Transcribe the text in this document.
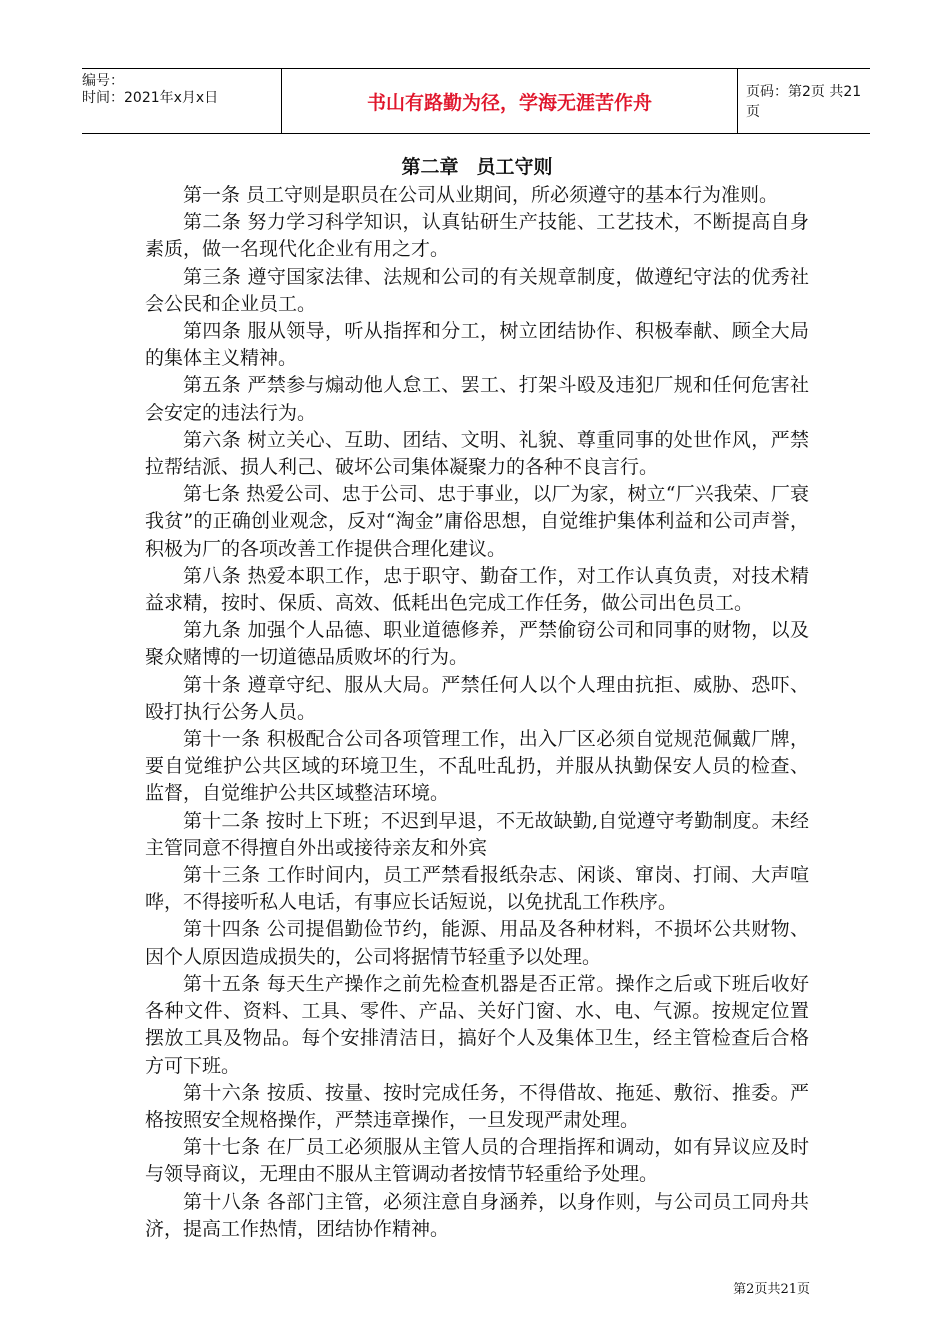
编号：
时间：2021年x月x日	书山有路勤为径，学海无涯苦作舟	页码：第2页 共21页
第二章 员工守则

第一条 员工守则是职员在公司从业期间，所必须遵守的基本行为准则。

第二条 努力学习科学知识，认真钻研生产技能、工艺技术，不断提高自身素质，做一名现代化企业有用之才。

第三条 遵守国家法律、法规和公司的有关规章制度，做遵纪守法的优秀社会公民和企业员工。

第四条 服从领导，听从指挥和分工，树立团结协作、积极奉献、顾全大局的集体主义精神。

第五条 严禁参与煽动他人怠工、罢工、打架斗殴及违犯厂规和任何危害社会安定的违法行为。

第六条 树立关心、互助、团结、文明、礼貌、尊重同事的处世作风，严禁拉帮结派、损人利己、破坏公司集体凝聚力的各种不良言行。

第七条 热爱公司、忠于公司、忠于事业，以厂为家，树立“厂兴我荣、厂衰我贫”的正确创业观念，反对“淘金”庸俗思想，自觉维护集体利益和公司声誉，积极为厂的各项改善工作提供合理化建议。

第八条 热爱本职工作，忠于职守、勤奋工作，对工作认真负责，对技术精益求精，按时、保质、高效、低耗出色完成工作任务，做公司出色员工。

第九条 加强个人品德、职业道德修养，严禁偷窃公司和同事的财物，以及聚众赌博的一切道德品质败坏的行为。

第十条 遵章守纪、服从大局。严禁任何人以个人理由抗拒、威胁、恐吓、殴打执行公务人员。

第十一条 积极配合公司各项管理工作，出入厂区必须自觉规范佩戴厂牌，要自觉维护公共区域的环境卫生，不乱吐乱扔，并服从执勤保安人员的检查、监督，自觉维护公共区域整洁环境。

第十二条 按时上下班；不迟到早退，不无故缺勤,自觉遵守考勤制度。未经主管同意不得擅自外出或接待亲友和外宾

第十三条 工作时间内，员工严禁看报纸杂志、闲谈、窜岗、打闹、大声喧哗，不得接听私人电话，有事应长话短说，以免扰乱工作秩序。

第十四条 公司提倡勤俭节约，能源、用品及各种材料，不损坏公共财物、因个人原因造成损失的，公司将据情节轻重予以处理。

第十五条 每天生产操作之前先检查机器是否正常。操作之后或下班后收好各种文件、资料、工具、零件、产品、关好门窗、水、电、气源。按规定位置摆放工具及物品。每个安排清洁日，搞好个人及集体卫生，经主管检查后合格方可下班。

第十六条 按质、按量、按时完成任务，不得借故、拖延、敷衍、推委。严格按照安全规格操作，严禁违章操作，一旦发现严肃处理。

第十七条 在厂员工必须服从主管人员的合理指挥和调动，如有异议应及时与领导商议，无理由不服从主管调动者按情节轻重给予处理。

第十八条 各部门主管，必须注意自身涵养，以身作则，与公司员工同舟共济，提高工作热情，团结协作精神。

第2页共21页
